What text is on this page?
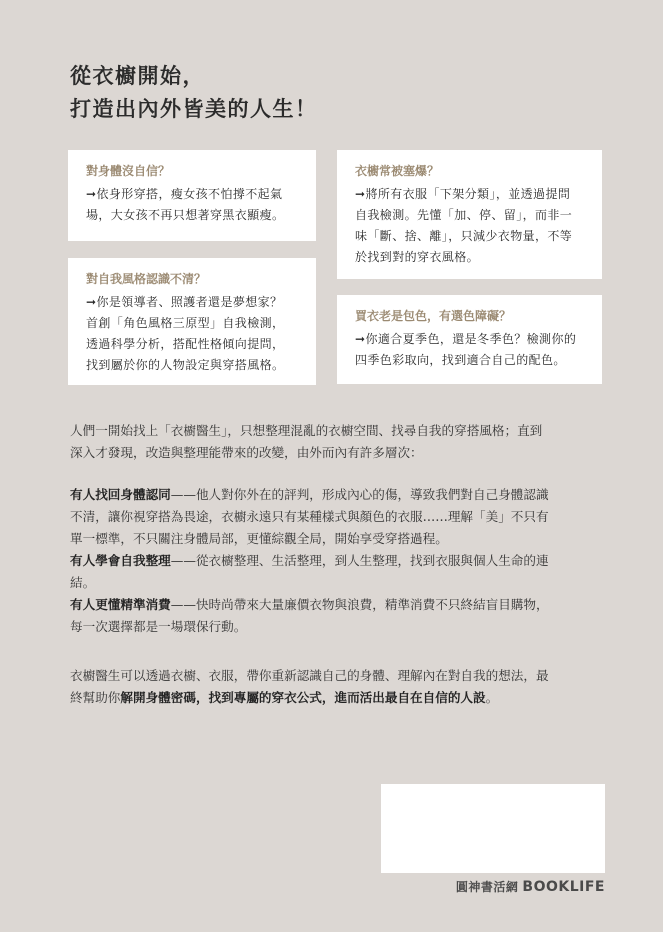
從衣櫥開始，
打造出內外皆美的人生！
對身體沒自信？
➞依身形穿搭，瘦女孩不怕撐不起氣
場，大女孩不再只想著穿黑衣顯瘦。
衣櫥常被塞爆？
➞將所有衣服「下架分類」，並透過提問
自我檢測。先懂「加、停、留」，而非一
味「斷、捨、離」，只減少衣物量，不等
於找到對的穿衣風格。
對自我風格認識不清？
➞你是領導者、照護者還是夢想家？
首創「角色風格三原型」自我檢測，
透過科學分析，搭配性格傾向提問，
找到屬於你的人物設定與穿搭風格。
買衣老是包色，有選色障礙？
➞你適合夏季色，還是冬季色？檢測你的
四季色彩取向，找到適合自己的配色。
人們一開始找上「衣櫥醫生」，只想整理混亂的衣櫥空間、找尋自我的穿搭風格；直到
深入才發現，改造與整理能帶來的改變，由外而內有許多層次：
有人找回身體認同——他人對你外在的評判，形成內心的傷，導致我們對自己身體認識
不清，讓你視穿搭為畏途，衣櫥永遠只有某種樣式與顏色的衣服……理解「美」不只有
單一標準，不只關注身體局部，更懂綜觀全局，開始享受穿搭過程。
有人學會自我整理——從衣櫥整理、生活整理，到人生整理，找到衣服與個人生命的連
結。
有人更懂精準消費——快時尚帶來大量廉價衣物與浪費，精準消費不只終結盲目購物，
每一次選擇都是一場環保行動。
衣櫥醫生可以透過衣櫥、衣服，帶你重新認識自己的身體、理解內在對自我的想法，最
終幫助你解開身體密碼，找到專屬的穿衣公式，進而活出最自在自信的人設。
圓神書活網 BOOKLIFE
